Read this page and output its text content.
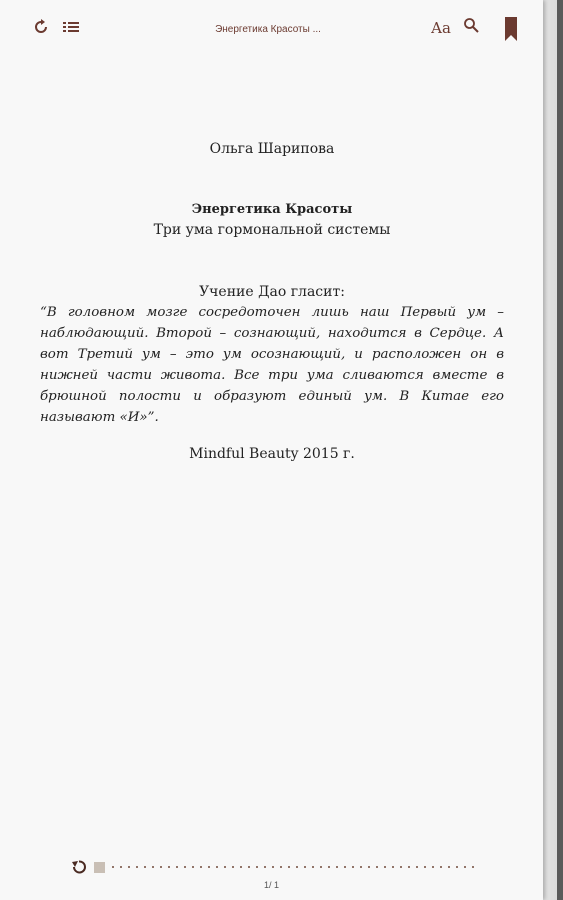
Энергетика Красоты ...	Aa
Ольга Шарипова
Энергетика Красоты
Три ума гормональной системы
Учение Дао гласит:
“В головном мозге сосредоточен лишь наш Первый ум – наблюдающий. Второй – сознающий, находится в Сердце. А вот Третий ум – это ум осознающий, и расположен он в нижней части живота. Все три ума сливаются вместе в брюшной полости и образуют единый ум. В Китае его называют «И»”.
Mindful Beauty 2015 г.
1/ 1
